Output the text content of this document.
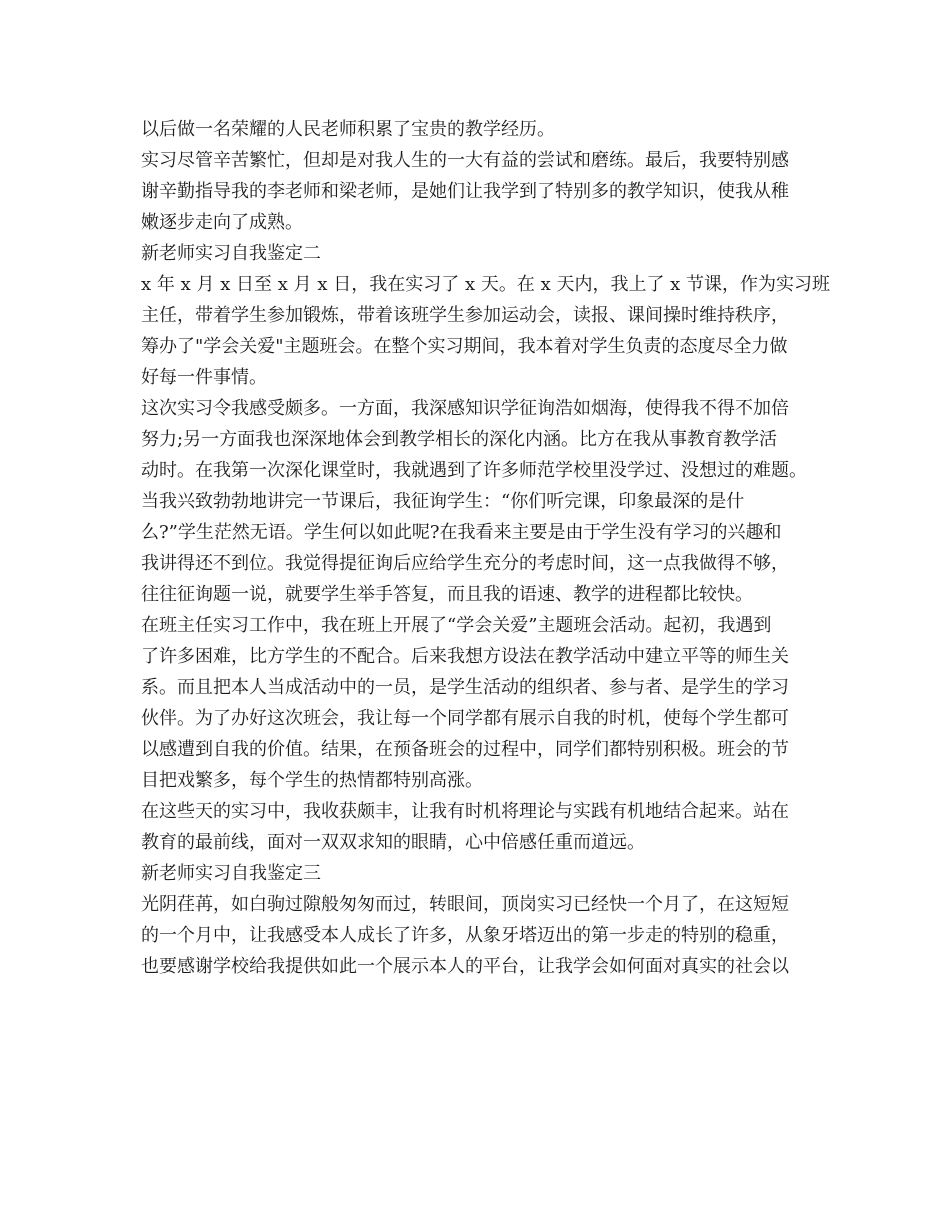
以后做一名荣耀的人民老师积累了宝贵的教学经历。
实习尽管辛苦繁忙，但却是对我人生的一大有益的尝试和磨练。最后，我要特别感
谢辛勤指导我的李老师和梁老师，是她们让我学到了特别多的教学知识，使我从稚
嫩逐步走向了成熟。
新老师实习自我鉴定二
x 年 x 月 x 日至 x 月 x 日，我在实习了 x 天。在 x 天内，我上了 x 节课，作为实习班
主任，带着学生参加锻炼，带着该班学生参加运动会，读报、课间操时维持秩序，
筹办了"学会关爱"主题班会。在整个实习期间，我本着对学生负责的态度尽全力做
好每一件事情。
这次实习令我感受颇多。一方面，我深感知识学征询浩如烟海，使得我不得不加倍
努力;另一方面我也深深地体会到教学相长的深化内涵。比方在我从事教育教学活
动时。在我第一次深化课堂时，我就遇到了许多师范学校里没学过、没想过的难题。
当我兴致勃勃地讲完一节课后，我征询学生：“你们听完课，印象最深的是什
么?”学生茫然无语。学生何以如此呢?在我看来主要是由于学生没有学习的兴趣和
我讲得还不到位。我觉得提征询后应给学生充分的考虑时间，这一点我做得不够，
往往征询题一说，就要学生举手答复，而且我的语速、教学的进程都比较快。
在班主任实习工作中，我在班上开展了“学会关爱”主题班会活动。起初，我遇到
了许多困难，比方学生的不配合。后来我想方设法在教学活动中建立平等的师生关
系。而且把本人当成活动中的一员，是学生活动的组织者、参与者、是学生的学习
伙伴。为了办好这次班会，我让每一个同学都有展示自我的时机，使每个学生都可
以感遭到自我的价值。结果，在预备班会的过程中，同学们都特别积极。班会的节
目把戏繁多，每个学生的热情都特别高涨。
在这些天的实习中，我收获颇丰，让我有时机将理论与实践有机地结合起来。站在
教育的最前线，面对一双双求知的眼睛，心中倍感任重而道远。
新老师实习自我鉴定三
光阴荏苒，如白驹过隙般匆匆而过，转眼间，顶岗实习已经快一个月了，在这短短
的一个月中，让我感受本人成长了许多，从象牙塔迈出的第一步走的特别的稳重，
也要感谢学校给我提供如此一个展示本人的平台，让我学会如何面对真实的社会以
